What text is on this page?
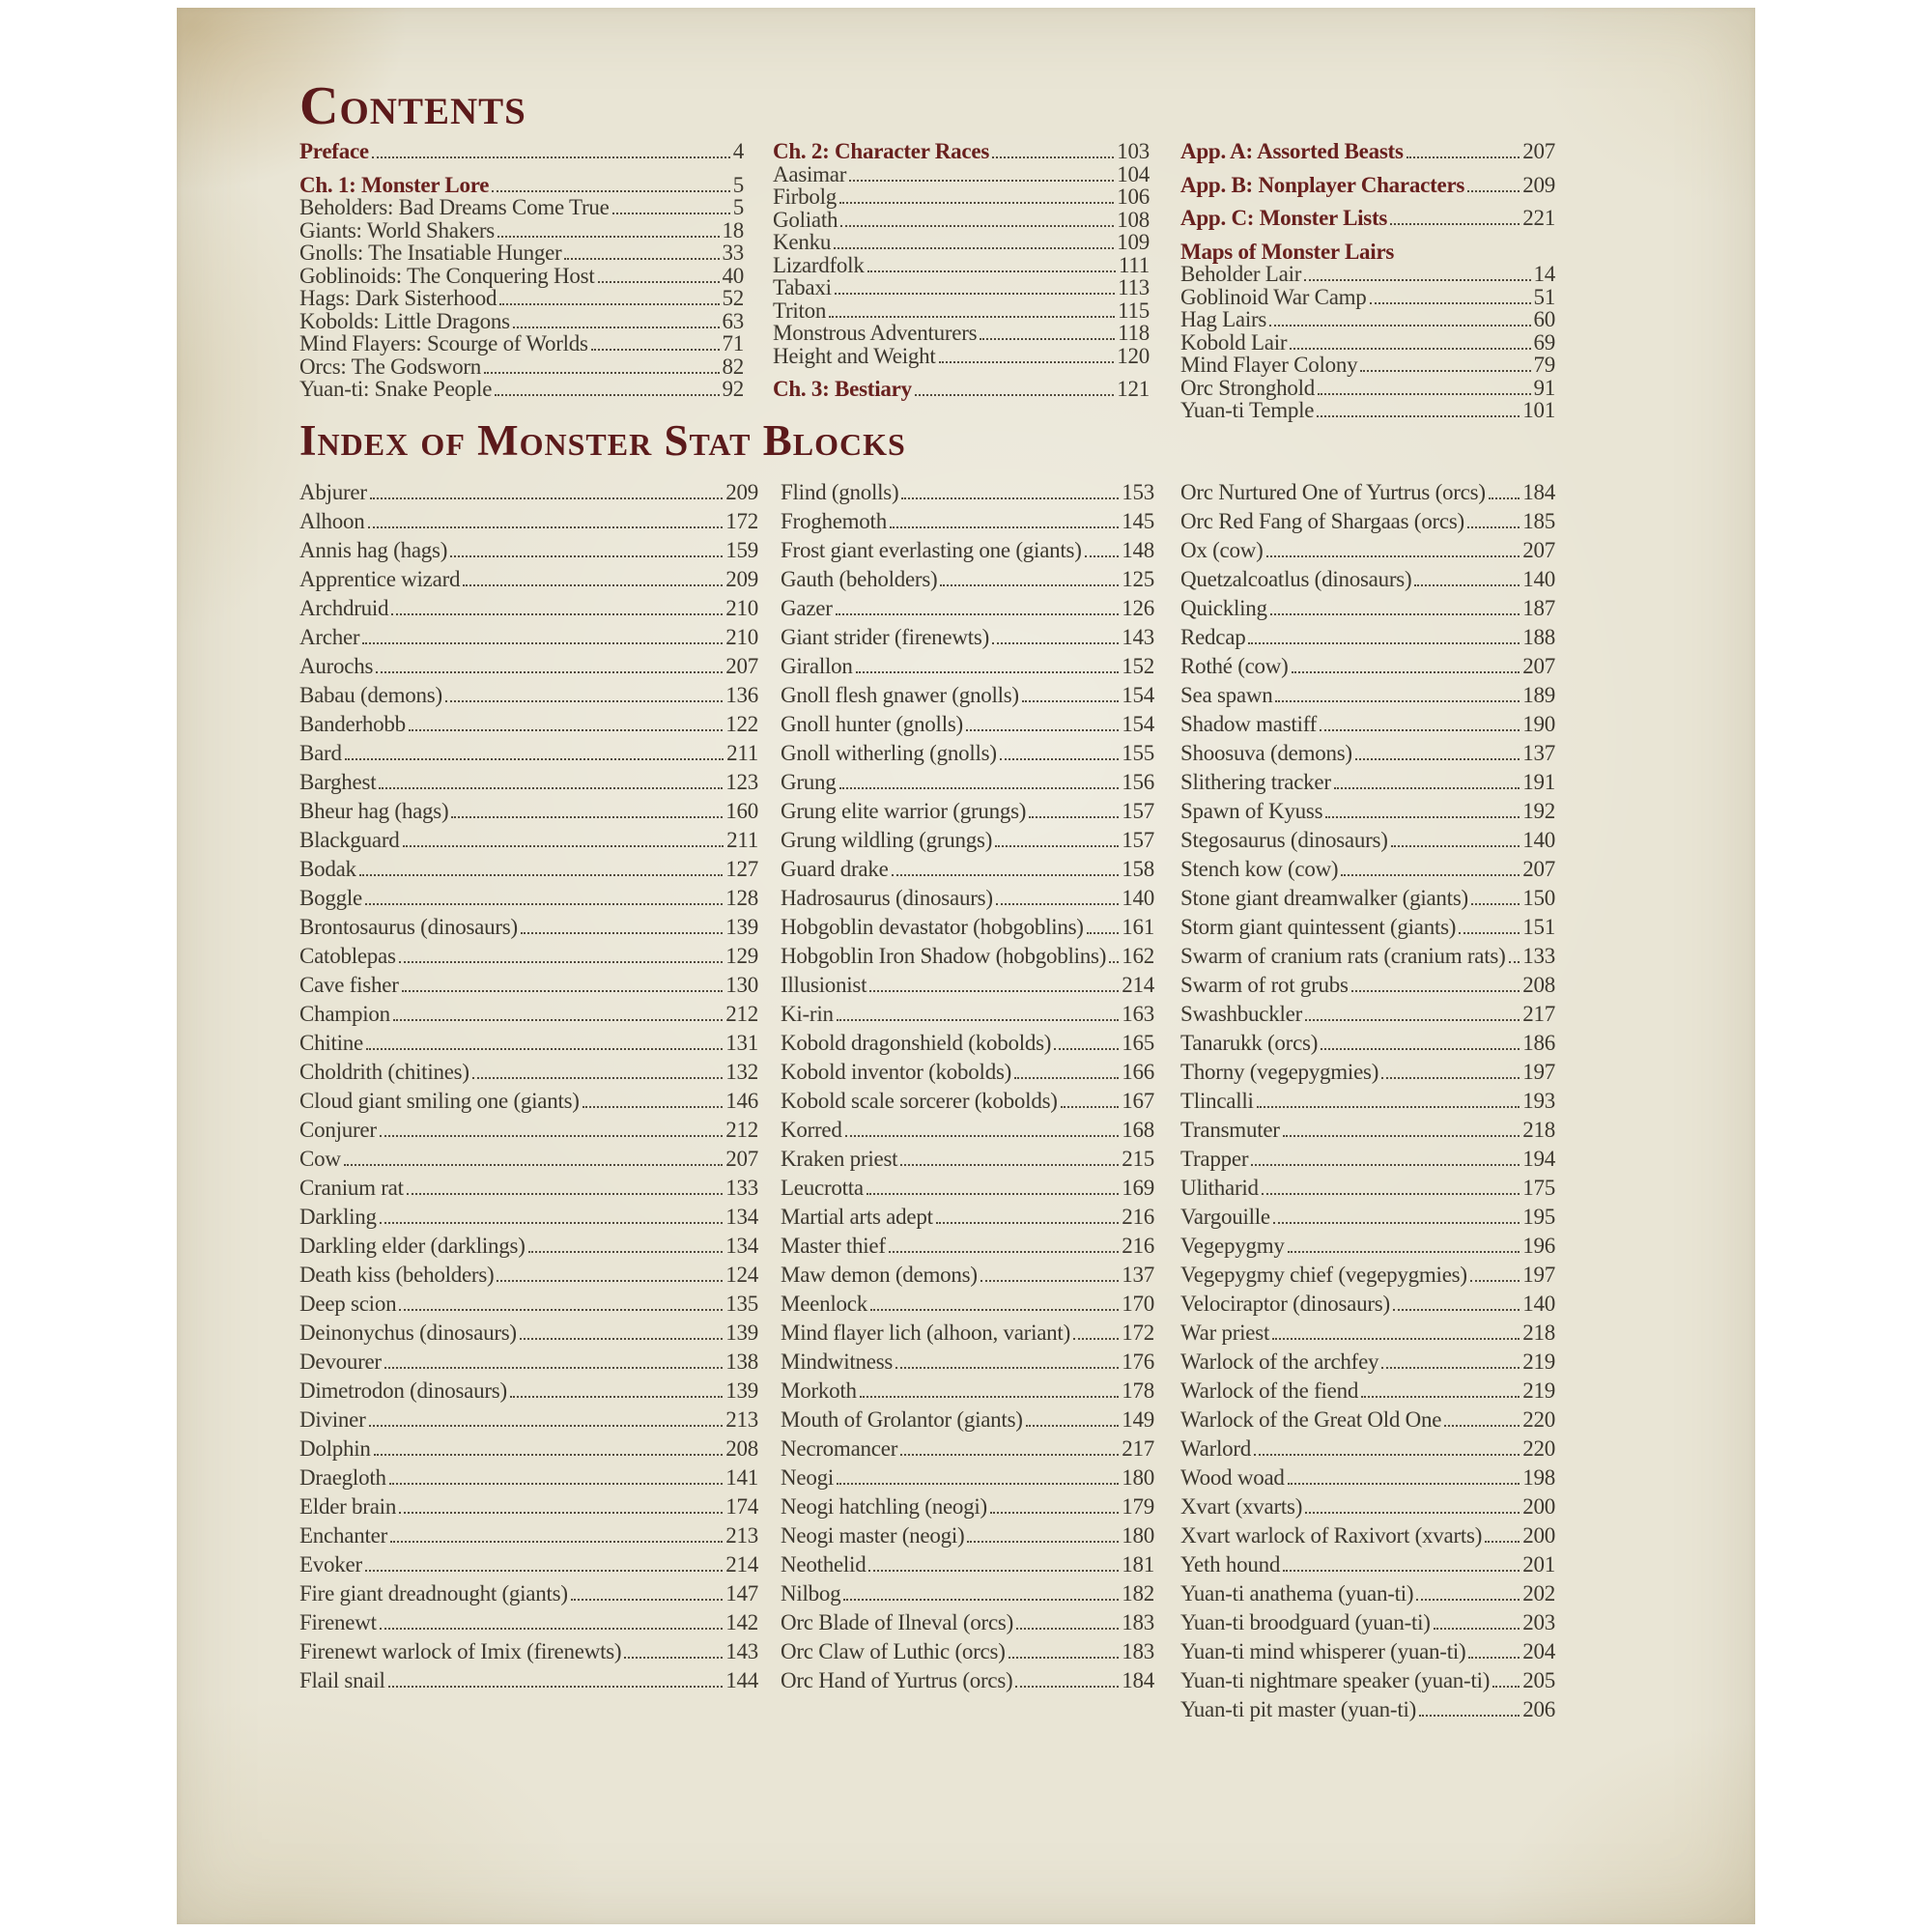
Contents
Preface	4
Ch. 1: Monster Lore	5
Beholders: Bad Dreams Come True	5
Giants: World Shakers	18
Gnolls: The Insatiable Hunger	33
Goblinoids: The Conquering Host	40
Hags: Dark Sisterhood	52
Kobolds: Little Dragons	63
Mind Flayers: Scourge of Worlds	71
Orcs: The Godsworn	82
Yuan-ti: Snake People	92
Ch. 2: Character Races	103
Aasimar	104
Firbolg	106
Goliath	108
Kenku	109
Lizardfolk	111
Tabaxi	113
Triton	115
Monstrous Adventurers	118
Height and Weight	120
Ch. 3: Bestiary	121
App. A: Assorted Beasts	207
App. B: Nonplayer Characters	209
App. C: Monster Lists	221
Maps of Monster Lairs
Beholder Lair	14
Goblinoid War Camp	51
Hag Lairs	60
Kobold Lair	69
Mind Flayer Colony	79
Orc Stronghold	91
Yuan-ti Temple	101
Index of Monster Stat Blocks
Abjurer	209
Alhoon	172
Annis hag (hags)	159
Apprentice wizard	209
Archdruid	210
Archer	210
Aurochs	207
Babau (demons)	136
Banderhobb	122
Bard	211
Barghest	123
Bheur hag (hags)	160
Blackguard	211
Bodak	127
Boggle	128
Brontosaurus (dinosaurs)	139
Catoblepas	129
Cave fisher	130
Champion	212
Chitine	131
Choldrith (chitines)	132
Cloud giant smiling one (giants)	146
Conjurer	212
Cow	207
Cranium rat	133
Darkling	134
Darkling elder (darklings)	134
Death kiss (beholders)	124
Deep scion	135
Deinonychus (dinosaurs)	139
Devourer	138
Dimetrodon (dinosaurs)	139
Diviner	213
Dolphin	208
Draegloth	141
Elder brain	174
Enchanter	213
Evoker	214
Fire giant dreadnought (giants)	147
Firenewt	142
Firenewt warlock of Imix (firenewts)	143
Flail snail	144
Flind (gnolls)	153
Froghemoth	145
Frost giant everlasting one (giants) 148
Gauth (beholders)	125
Gazer	126
Giant strider (firenewts)	143
Girallon	152
Gnoll flesh gnawer (gnolls)	154
Gnoll hunter (gnolls)	154
Gnoll witherling (gnolls)	155
Grung	156
Grung elite warrior (grungs)	157
Grung wildling (grungs)	157
Guard drake	158
Hadrosaurus (dinosaurs)	140
Hobgoblin devastator (hobgoblins) 161
Hobgoblin Iron Shadow (hobgoblins) 162
Illusionist	214
Ki-rin	163
Kobold dragonshield (kobolds)	165
Kobold inventor (kobolds)	166
Kobold scale sorcerer (kobolds)	167
Korred	168
Kraken priest	215
Leucrotta	169
Martial arts adept	216
Master thief	216
Maw demon (demons)	137
Meenlock	170
Mind flayer lich (alhoon, variant) 172
Mindwitness	176
Morkoth	178
Mouth of Grolantor (giants)	149
Necromancer	217
Neogi	180
Neogi hatchling (neogi)	179
Neogi master (neogi)	180
Neothelid	181
Nilbog	182
Orc Blade of Ilneval (orcs)	183
Orc Claw of Luthic (orcs)	183
Orc Hand of Yurtrus (orcs)	184
Orc Nurtured One of Yurtrus (orcs) 184
Orc Red Fang of Shargaas (orcs)	185
Ox (cow)	207
Quetzalcoatlus (dinosaurs)	140
Quickling	187
Redcap	188
Rothé (cow)	207
Sea spawn	189
Shadow mastiff	190
Shoosuva (demons)	137
Slithering tracker	191
Spawn of Kyuss	192
Stegosaurus (dinosaurs)	140
Stench kow (cow)	207
Stone giant dreamwalker (giants) 150
Storm giant quintessent (giants)	151
Swarm of cranium rats (cranium rats) 133
Swarm of rot grubs	208
Swashbuckler	217
Tanarukk (orcs)	186
Thorny (vegepygmies)	197
Tlincalli	193
Transmuter	218
Trapper	194
Ulitharid	175
Vargouille	195
Vegepygmy	196
Vegepygmy chief (vegepygmies) 197
Velociraptor (dinosaurs)	140
War priest	218
Warlock of the archfey	219
Warlock of the fiend	219
Warlock of the Great Old One	220
Warlord	220
Wood woad	198
Xvart (xvarts)	200
Xvart warlock of Raxivort (xvarts) 200
Yeth hound	201
Yuan-ti anathema (yuan-ti)	202
Yuan-ti broodguard (yuan-ti)	203
Yuan-ti mind whisperer (yuan-ti)	204
Yuan-ti nightmare speaker (yuan-ti) 205
Yuan-ti pit master (yuan-ti)	206
